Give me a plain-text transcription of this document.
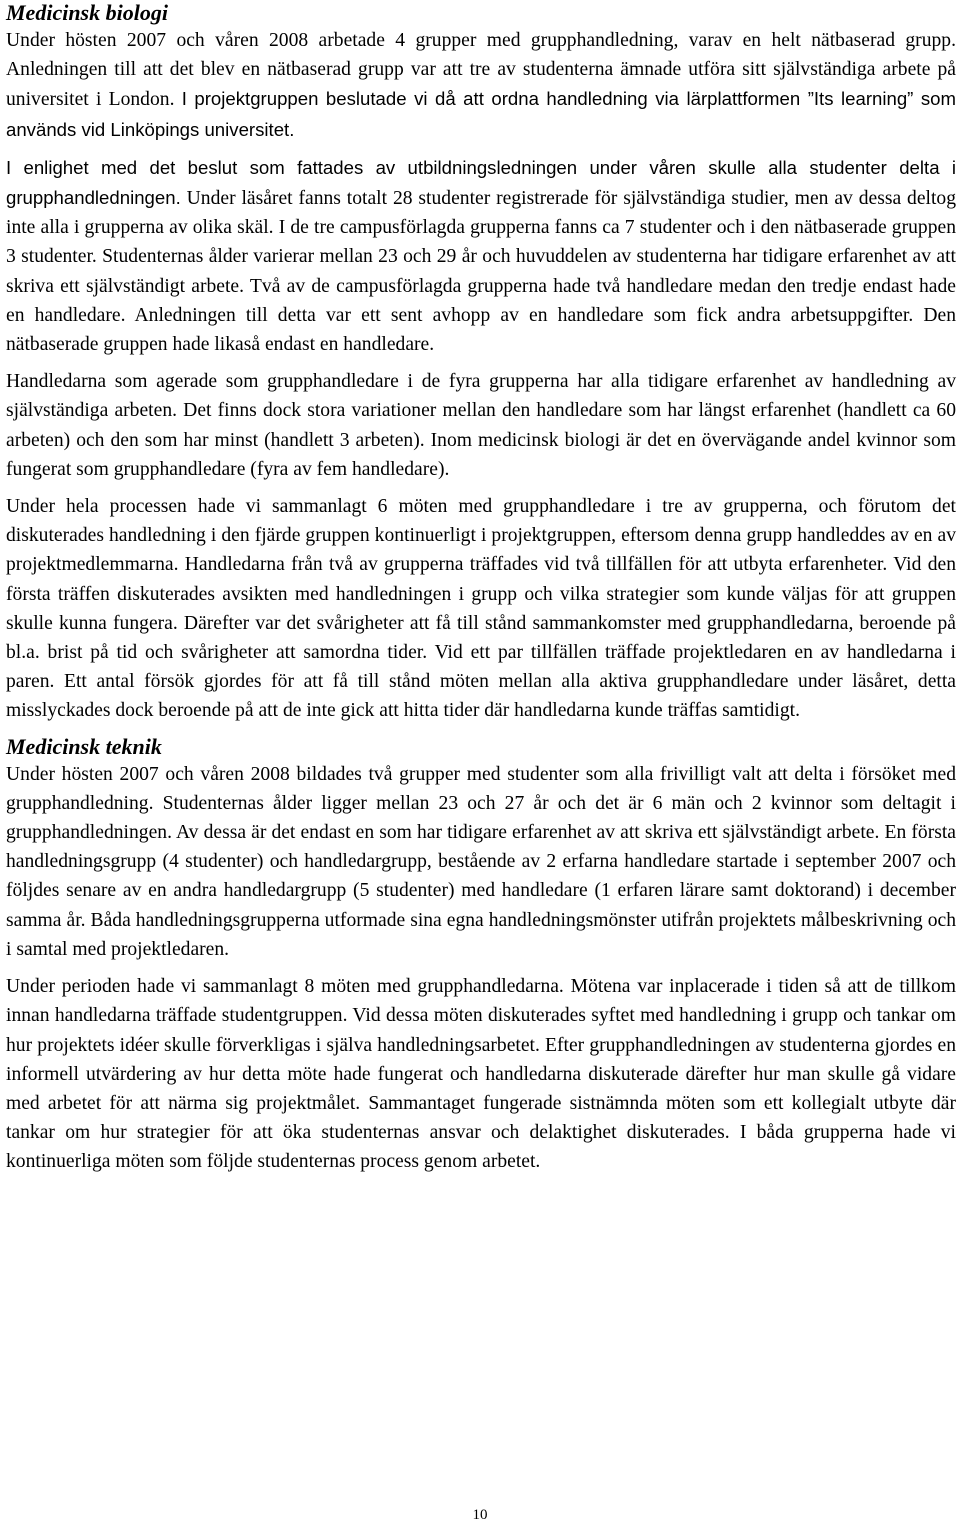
Medicinsk biologi

Under hösten 2007 och våren 2008 arbetade 4 grupper med grupphandledning, varav en helt nätbaserad grupp. Anledningen till att det blev en nätbaserad grupp var att tre av studenterna ämnade utföra sitt självständiga arbete på universitet i London. I projektgruppen beslutade vi då att ordna handledning via lärplattformen ”Its learning” som används vid Linköpings universitet.

I enlighet med det beslut som fattades av utbildningsledningen under våren skulle alla studenter delta i grupphandledningen. Under läsåret fanns totalt 28 studenter registrerade för självständiga studier, men av dessa deltog inte alla i grupperna av olika skäl. I de tre campusförlagda grupperna fanns ca 7 studenter och i den nätbaserade gruppen 3 studenter. Studenternas ålder varierar mellan 23 och 29 år och huvuddelen av studenterna har tidigare erfarenhet av att skriva ett självständigt arbete. Två av de campusförlagda grupperna hade två handledare medan den tredje endast hade en handledare. Anledningen till detta var ett sent avhopp av en handledare som fick andra arbetsuppgifter. Den nätbaserade gruppen hade likaså endast en handledare.

Handledarna som agerade som grupphandledare i de fyra grupperna har alla tidigare erfarenhet av handledning av självständiga arbeten. Det finns dock stora variationer mellan den handledare som har längst erfarenhet (handlett ca 60 arbeten) och den som har minst (handlett 3 arbeten). Inom medicinsk biologi är det en övervägande andel kvinnor som fungerat som grupphandledare (fyra av fem handledare).

Under hela processen hade vi sammanlagt 6 möten med grupphandledare i tre av grupperna, och förutom det diskuterades handledning i den fjärde gruppen kontinuerligt i projektgruppen, eftersom denna grupp handleddes av en av projektmedlemmarna. Handledarna från två av grupperna träffades vid två tillfällen för att utbyta erfarenheter. Vid den första träffen diskuterades avsikten med handledningen i grupp och vilka strategier som kunde väljas för att gruppen skulle kunna fungera. Därefter var det svårigheter att få till stånd sammankomster med grupphandledarna, beroende på bl.a. brist på tid och svårigheter att samordna tider. Vid ett par tillfällen träffade projektledaren en av handledarna i paren. Ett antal försök gjordes för att få till stånd möten mellan alla aktiva grupphandledare under läsåret, detta misslyckades dock beroende på att de inte gick att hitta tider där handledarna kunde träffas samtidigt.

Medicinsk teknik

Under hösten 2007 och våren 2008 bildades två grupper med studenter som alla frivilligt valt att delta i försöket med grupphandledning. Studenternas ålder ligger mellan 23 och 27 år och det är 6 män och 2 kvinnor som deltagit i grupphandledningen. Av dessa är det endast en som har tidigare erfarenhet av att skriva ett självständigt arbete. En första handledningsgrupp (4 studenter) och handledargrupp, bestående av 2 erfarna handledare startade i september 2007 och följdes senare av en andra handledargrupp (5 studenter) med handledare (1 erfaren lärare samt doktorand) i december samma år. Båda handledningsgrupperna utformade sina egna handledningsmönster utifrån projektets målbeskrivning och i samtal med projektledaren.

Under perioden hade vi sammanlagt 8 möten med grupphandledarna. Mötena var inplacerade i tiden så att de tillkom innan handledarna träffade studentgruppen. Vid dessa möten diskuterades syftet med handledning i grupp och tankar om hur projektets idéer skulle förverkligas i själva handledningsarbetet. Efter grupphandledningen av studenterna gjordes en informell utvärdering av hur detta möte hade fungerat och handledarna diskuterade därefter hur man skulle gå vidare med arbetet för att närma sig projektmålet. Sammantaget fungerade sistnämnda möten som ett kollegialt utbyte där tankar om hur strategier för att öka studenternas ansvar och delaktighet diskuterades. I båda grupperna hade vi kontinuerliga möten som följde studenternas process genom arbetet.

10
